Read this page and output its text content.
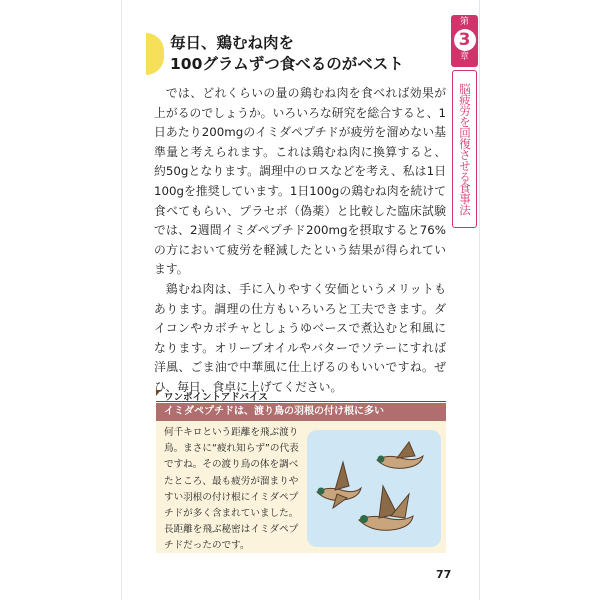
毎日、鶏むね肉を
100グラムずつ食べるのがベスト
第
3
章
脳疲労を回復させる食事法

では、どれくらいの量の鶏むね肉を食べれば効果が上がるのでしょうか。いろいろな研究を総合すると、1日あたり200mgのイミダペプチドが疲労を溜めない基準量と考えられます。これは鶏むね肉に換算すると、約50gとなります。調理中のロスなどを考え、私は1日100gを推奨しています。1日100gの鶏むね肉を続けて食べてもらい、プラセボ（偽薬）と比較した臨床試験では、2週間イミダペプチド200mgを摂取すると76%の方において疲労を軽減したという結果が得られています。

鶏むね肉は、手に入りやすく安価というメリットもあります。調理の仕方もいろいろと工夫できます。ダイコンやカボチャとしょうゆベースで煮込むと和風になります。オリーブオイルやバターでソテーにすれば洋風、ごま油で中華風に仕上げるのもいいですね。ぜひ、毎日、食卓に上げてください。

ワンポイントアドバイス
イミダペプチドは、渡り鳥の羽根の付け根に多い
何千キロという距離を飛ぶ渡り鳥。まさに“疲れ知らず”の代表ですね。その渡り鳥の体を調べたところ、最も疲労が溜まりやすい羽根の付け根にイミダペプチドが多く含まれていました。長距離を飛ぶ秘密はイミダペプチドだったのです。
77
